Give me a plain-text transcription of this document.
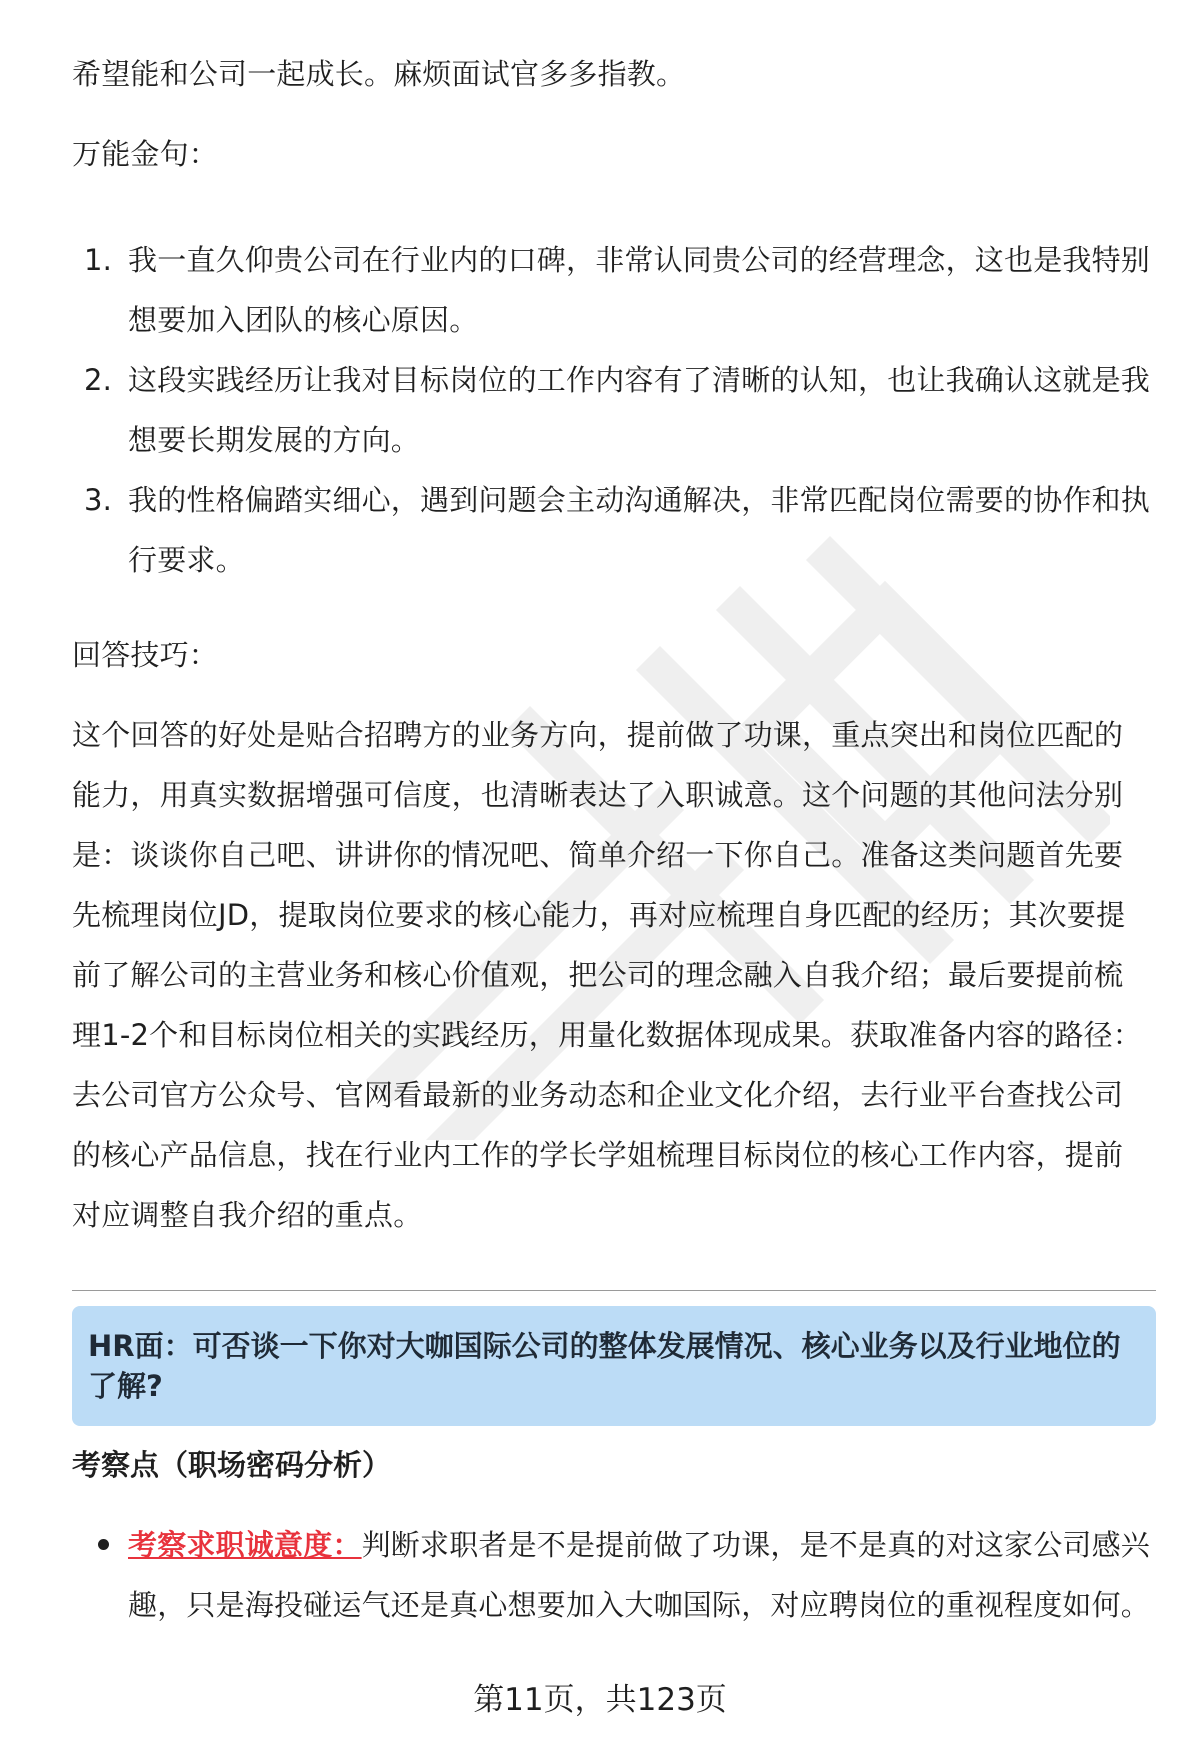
希望能和公司一起成长。麻烦面试官多多指教。

万能金句：

1. 我一直久仰贵公司在行业内的口碑，非常认同贵公司的经营理念，这也是我特别想要加入团队的核心原因。
2. 这段实践经历让我对目标岗位的工作内容有了清晰的认知，也让我确认这就是我想要长期发展的方向。
3. 我的性格偏踏实细心，遇到问题会主动沟通解决，非常匹配岗位需要的协作和执行要求。

回答技巧：

这个回答的好处是贴合招聘方的业务方向，提前做了功课，重点突出和岗位匹配的能力，用真实数据增强可信度，也清晰表达了入职诚意。这个问题的其他问法分别是：谈谈你自己吧、讲讲你的情况吧、简单介绍一下你自己。准备这类问题首先要先梳理岗位JD，提取岗位要求的核心能力，再对应梳理自身匹配的经历；其次要提前了解公司的主营业务和核心价值观，把公司的理念融入自我介绍；最后要提前梳理1-2个和目标岗位相关的实践经历，用量化数据体现成果。获取准备内容的路径：去公司官方公众号、官网看最新的业务动态和企业文化介绍，去行业平台查找公司的核心产品信息，找在行业内工作的学长学姐梳理目标岗位的核心工作内容，提前对应调整自我介绍的重点。

HR面：可否谈一下你对大咖国际公司的整体发展情况、核心业务以及行业地位的了解?

考察点（职场密码分析）

考察求职诚意度：判断求职者是不是提前做了功课，是不是真的对这家公司感兴趣，只是海投碰运气还是真心想要加入大咖国际，对应聘岗位的重视程度如何。

第11页，共123页
